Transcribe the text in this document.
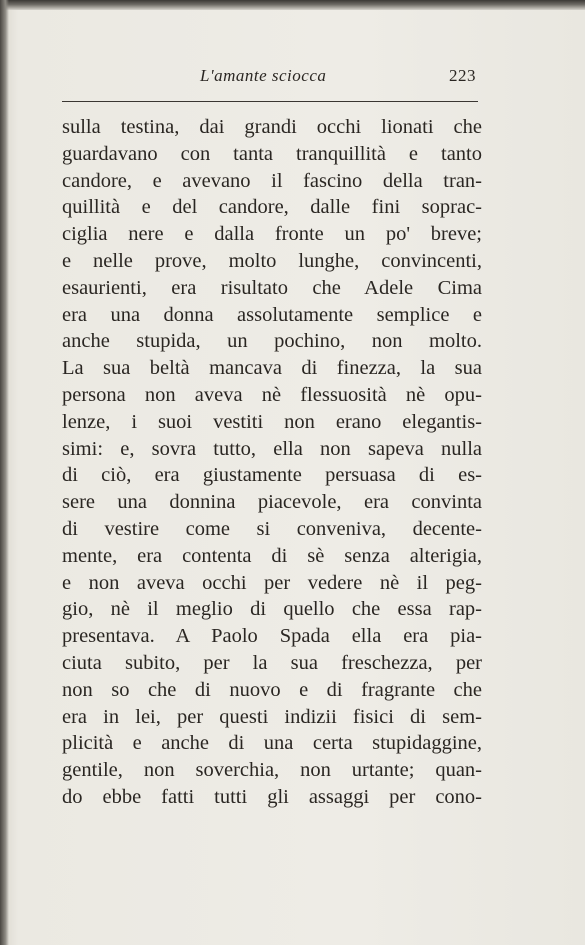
L'amante sciocca	223
sulla testina, dai grandi occhi lionati che
guardavano con tanta tranquillità e tanto
candore, e avevano il fascino della tran-
quillità e del candore, dalle fini soprac-
ciglia nere e dalla fronte un po' breve;
e nelle prove, molto lunghe, convincenti,
esaurienti, era risultato che Adele Cima
era una donna assolutamente semplice e
anche stupida, un pochino, non molto.
La sua beltà mancava di finezza, la sua
persona non aveva nè flessuosità nè opu-
lenze, i suoi vestiti non erano elegantis-
simi: e, sovra tutto, ella non sapeva nulla
di ciò, era giustamente persuasa di es-
sere una donnina piacevole, era convinta
di vestire come si conveniva, decente-
mente, era contenta di sè senza alterigia,
e non aveva occhi per vedere nè il peg-
gio, nè il meglio di quello che essa rap-
presentava. A Paolo Spada ella era pia-
ciuta subito, per la sua freschezza, per
non so che di nuovo e di fragrante che
era in lei, per questi indizii fisici di sem-
plicità e anche di una certa stupidaggine,
gentile, non soverchia, non urtante; quan-
do ebbe fatti tutti gli assaggi per cono-
